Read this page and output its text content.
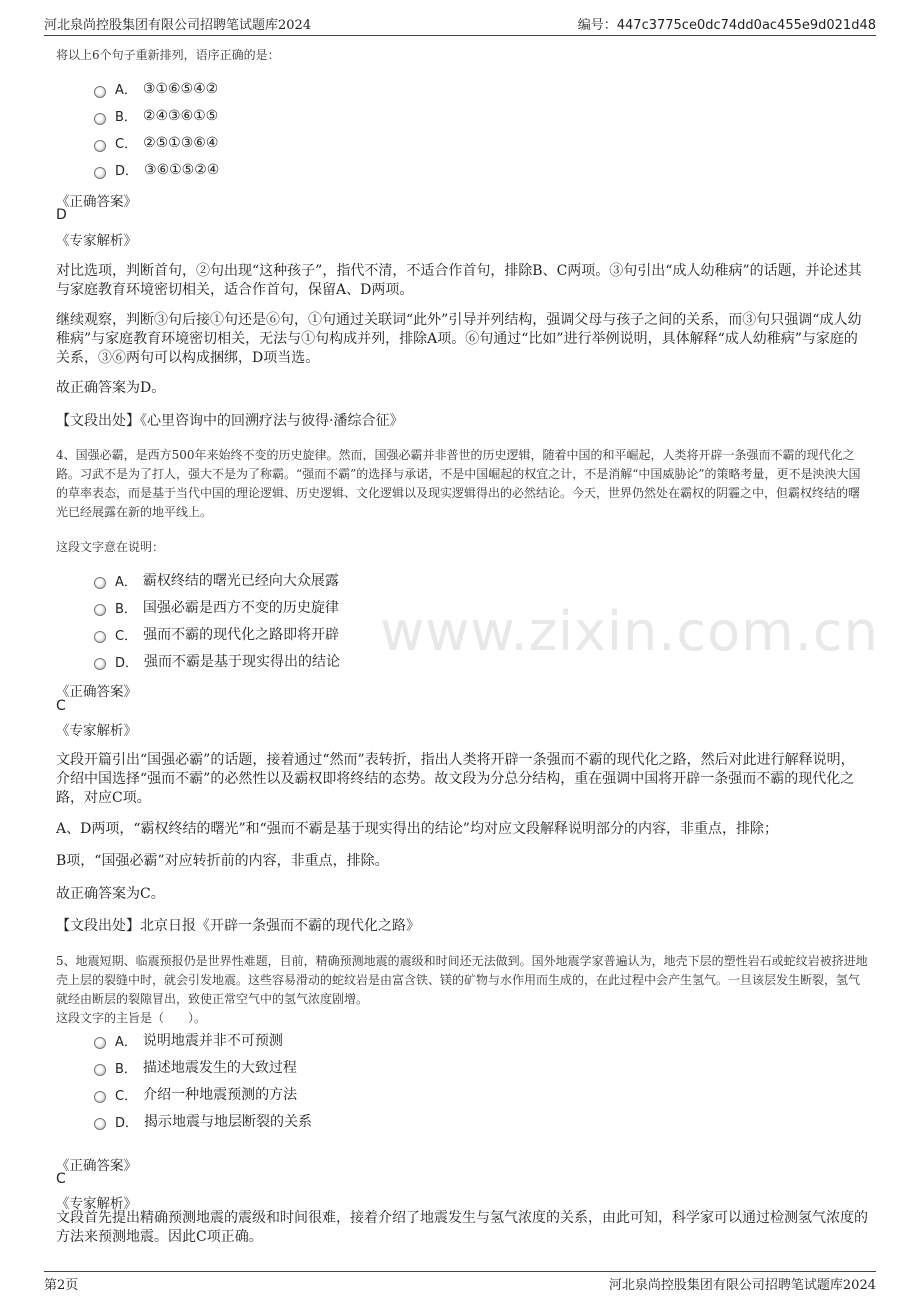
河北泉尚控股集团有限公司招聘笔试题库2024	编号：447c3775ce0dc74dd0ac455e9d021d48
www.zixin.com.cn
将以上6个句子重新排列，语序正确的是：
A． ③①⑥⑤④②
B． ②④③⑥①⑤
C． ②⑤①③⑥④
D． ③⑥①⑤②④
《正确答案》
D
《专家解析》
对比选项，判断首句，②句出现“这种孩子”，指代不清，不适合作首句，排除B、C两项。③句引出“成人幼稚病”的话题，并论述其与家庭教育环境密切相关，适合作首句，保留A、D两项。
继续观察，判断③句后接①句还是⑥句，①句通过关联词“此外”引导并列结构，强调父母与孩子之间的关系，而③句只强调“成人幼稚病”与家庭教育环境密切相关，无法与①句构成并列，排除A项。⑥句通过“比如”进行举例说明，具体解释“成人幼稚病”与家庭的关系，③⑥两句可以构成捆绑，D项当选。
故正确答案为D。
【文段出处】《心里咨询中的回溯疗法与彼得·潘综合征》
4、国强必霸，是西方500年来始终不变的历史旋律。然而，国强必霸并非普世的历史逻辑，随着中国的和平崛起，人类将开辟一条强而不霸的现代化之路。习武不是为了打人，强大不是为了称霸。“强而不霸”的选择与承诺，不是中国崛起的权宜之计，不是消解“中国威胁论”的策略考量，更不是泱泱大国的草率表态，而是基于当代中国的理论逻辑、历史逻辑、文化逻辑以及现实逻辑得出的必然结论。今天，世界仍然处在霸权的阴霾之中，但霸权终结的曙光已经展露在新的地平线上。
这段文字意在说明：
A． 霸权终结的曙光已经向大众展露
B． 国强必霸是西方不变的历史旋律
C． 强而不霸的现代化之路即将开辟
D． 强而不霸是基于现实得出的结论
《正确答案》
C
《专家解析》
文段开篇引出“国强必霸”的话题，接着通过“然而”表转折，指出人类将开辟一条强而不霸的现代化之路，然后对此进行解释说明，介绍中国选择“强而不霸”的必然性以及霸权即将终结的态势。故文段为分总分结构，重在强调中国将开辟一条强而不霸的现代化之路，对应C项。
A、D两项，“霸权终结的曙光”和“强而不霸是基于现实得出的结论”均对应文段解释说明部分的内容，非重点，排除；
B项，“国强必霸”对应转折前的内容，非重点，排除。
故正确答案为C。
【文段出处】北京日报《开辟一条强而不霸的现代化之路》
5、地震短期、临震预报仍是世界性难题，目前，精确预测地震的震级和时间还无法做到。国外地震学家普遍认为，地壳下层的塑性岩石或蛇纹岩被挤进地壳上层的裂缝中时，就会引发地震。这些容易滑动的蛇纹岩是由富含铁、镁的矿物与水作用而生成的，在此过程中会产生氢气。一旦该层发生断裂，氢气就经由断层的裂隙冒出，致使正常空气中的氢气浓度剧增。
这段文字的主旨是（　　）。
A． 说明地震并非不可预测
B． 描述地震发生的大致过程
C． 介绍一种地震预测的方法
D． 揭示地震与地层断裂的关系
《正确答案》
C
《专家解析》
文段首先提出精确预测地震的震级和时间很难，接着介绍了地震发生与氢气浓度的关系，由此可知，科学家可以通过检测氢气浓度的方法来预测地震。因此C项正确。
第2页	河北泉尚控股集团有限公司招聘笔试题库2024
